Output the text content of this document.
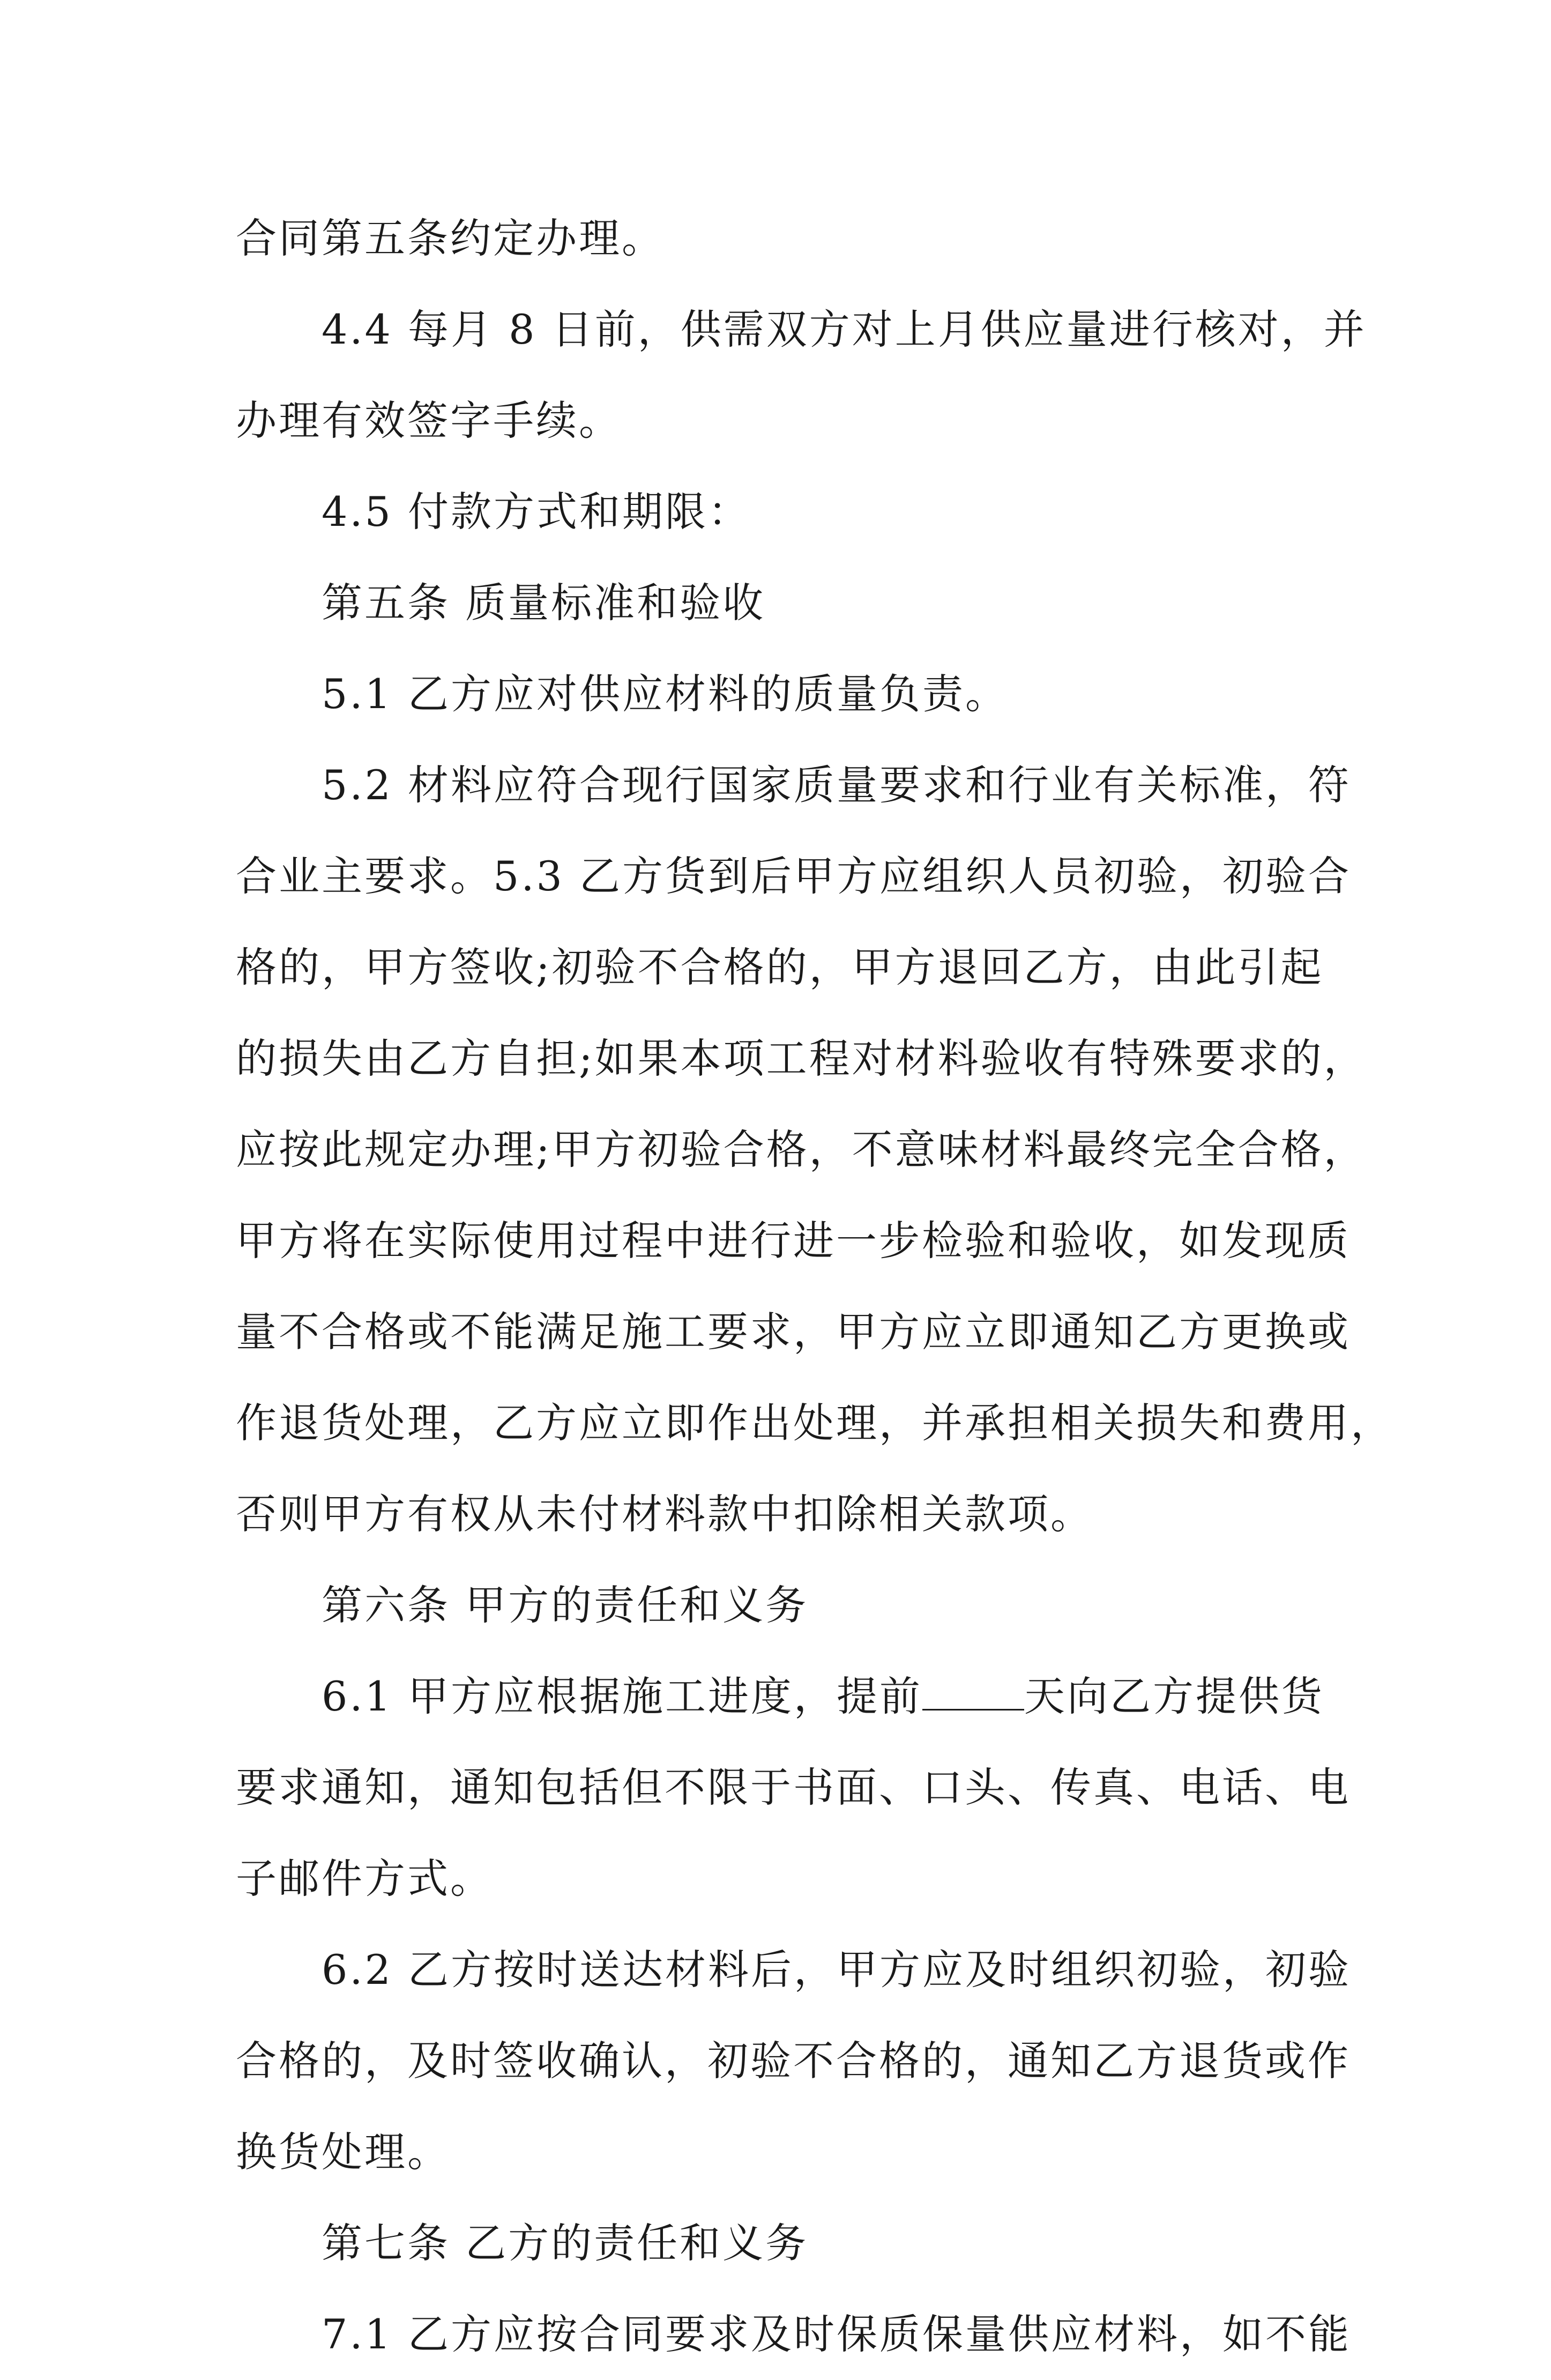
合同第五条约定办理。
4.4 每月 8 日前，供需双方对上月供应量进行核对，并
办理有效签字手续。
4.5 付款方式和期限：
第五条 质量标准和验收
5.1 乙方应对供应材料的质量负责。
5.2 材料应符合现行国家质量要求和行业有关标准，符
合业主要求。5.3 乙方货到后甲方应组织人员初验，初验合
格的，甲方签收;初验不合格的，甲方退回乙方，由此引起
的损失由乙方自担;如果本项工程对材料验收有特殊要求的，
应按此规定办理;甲方初验合格，不意味材料最终完全合格，
甲方将在实际使用过程中进行进一步检验和验收，如发现质
量不合格或不能满足施工要求，甲方应立即通知乙方更换或
作退货处理，乙方应立即作出处理，并承担相关损失和费用，
否则甲方有权从未付材料款中扣除相关款项。
第六条 甲方的责任和义务
6.1 甲方应根据施工进度，提前	天向乙方提供货
要求通知，通知包括但不限于书面、口头、传真、电话、电
子邮件方式。
6.2 乙方按时送达材料后，甲方应及时组织初验，初验
合格的，及时签收确认，初验不合格的，通知乙方退货或作
换货处理。
第七条 乙方的责任和义务
7.1 乙方应按合同要求及时保质保量供应材料，如不能
